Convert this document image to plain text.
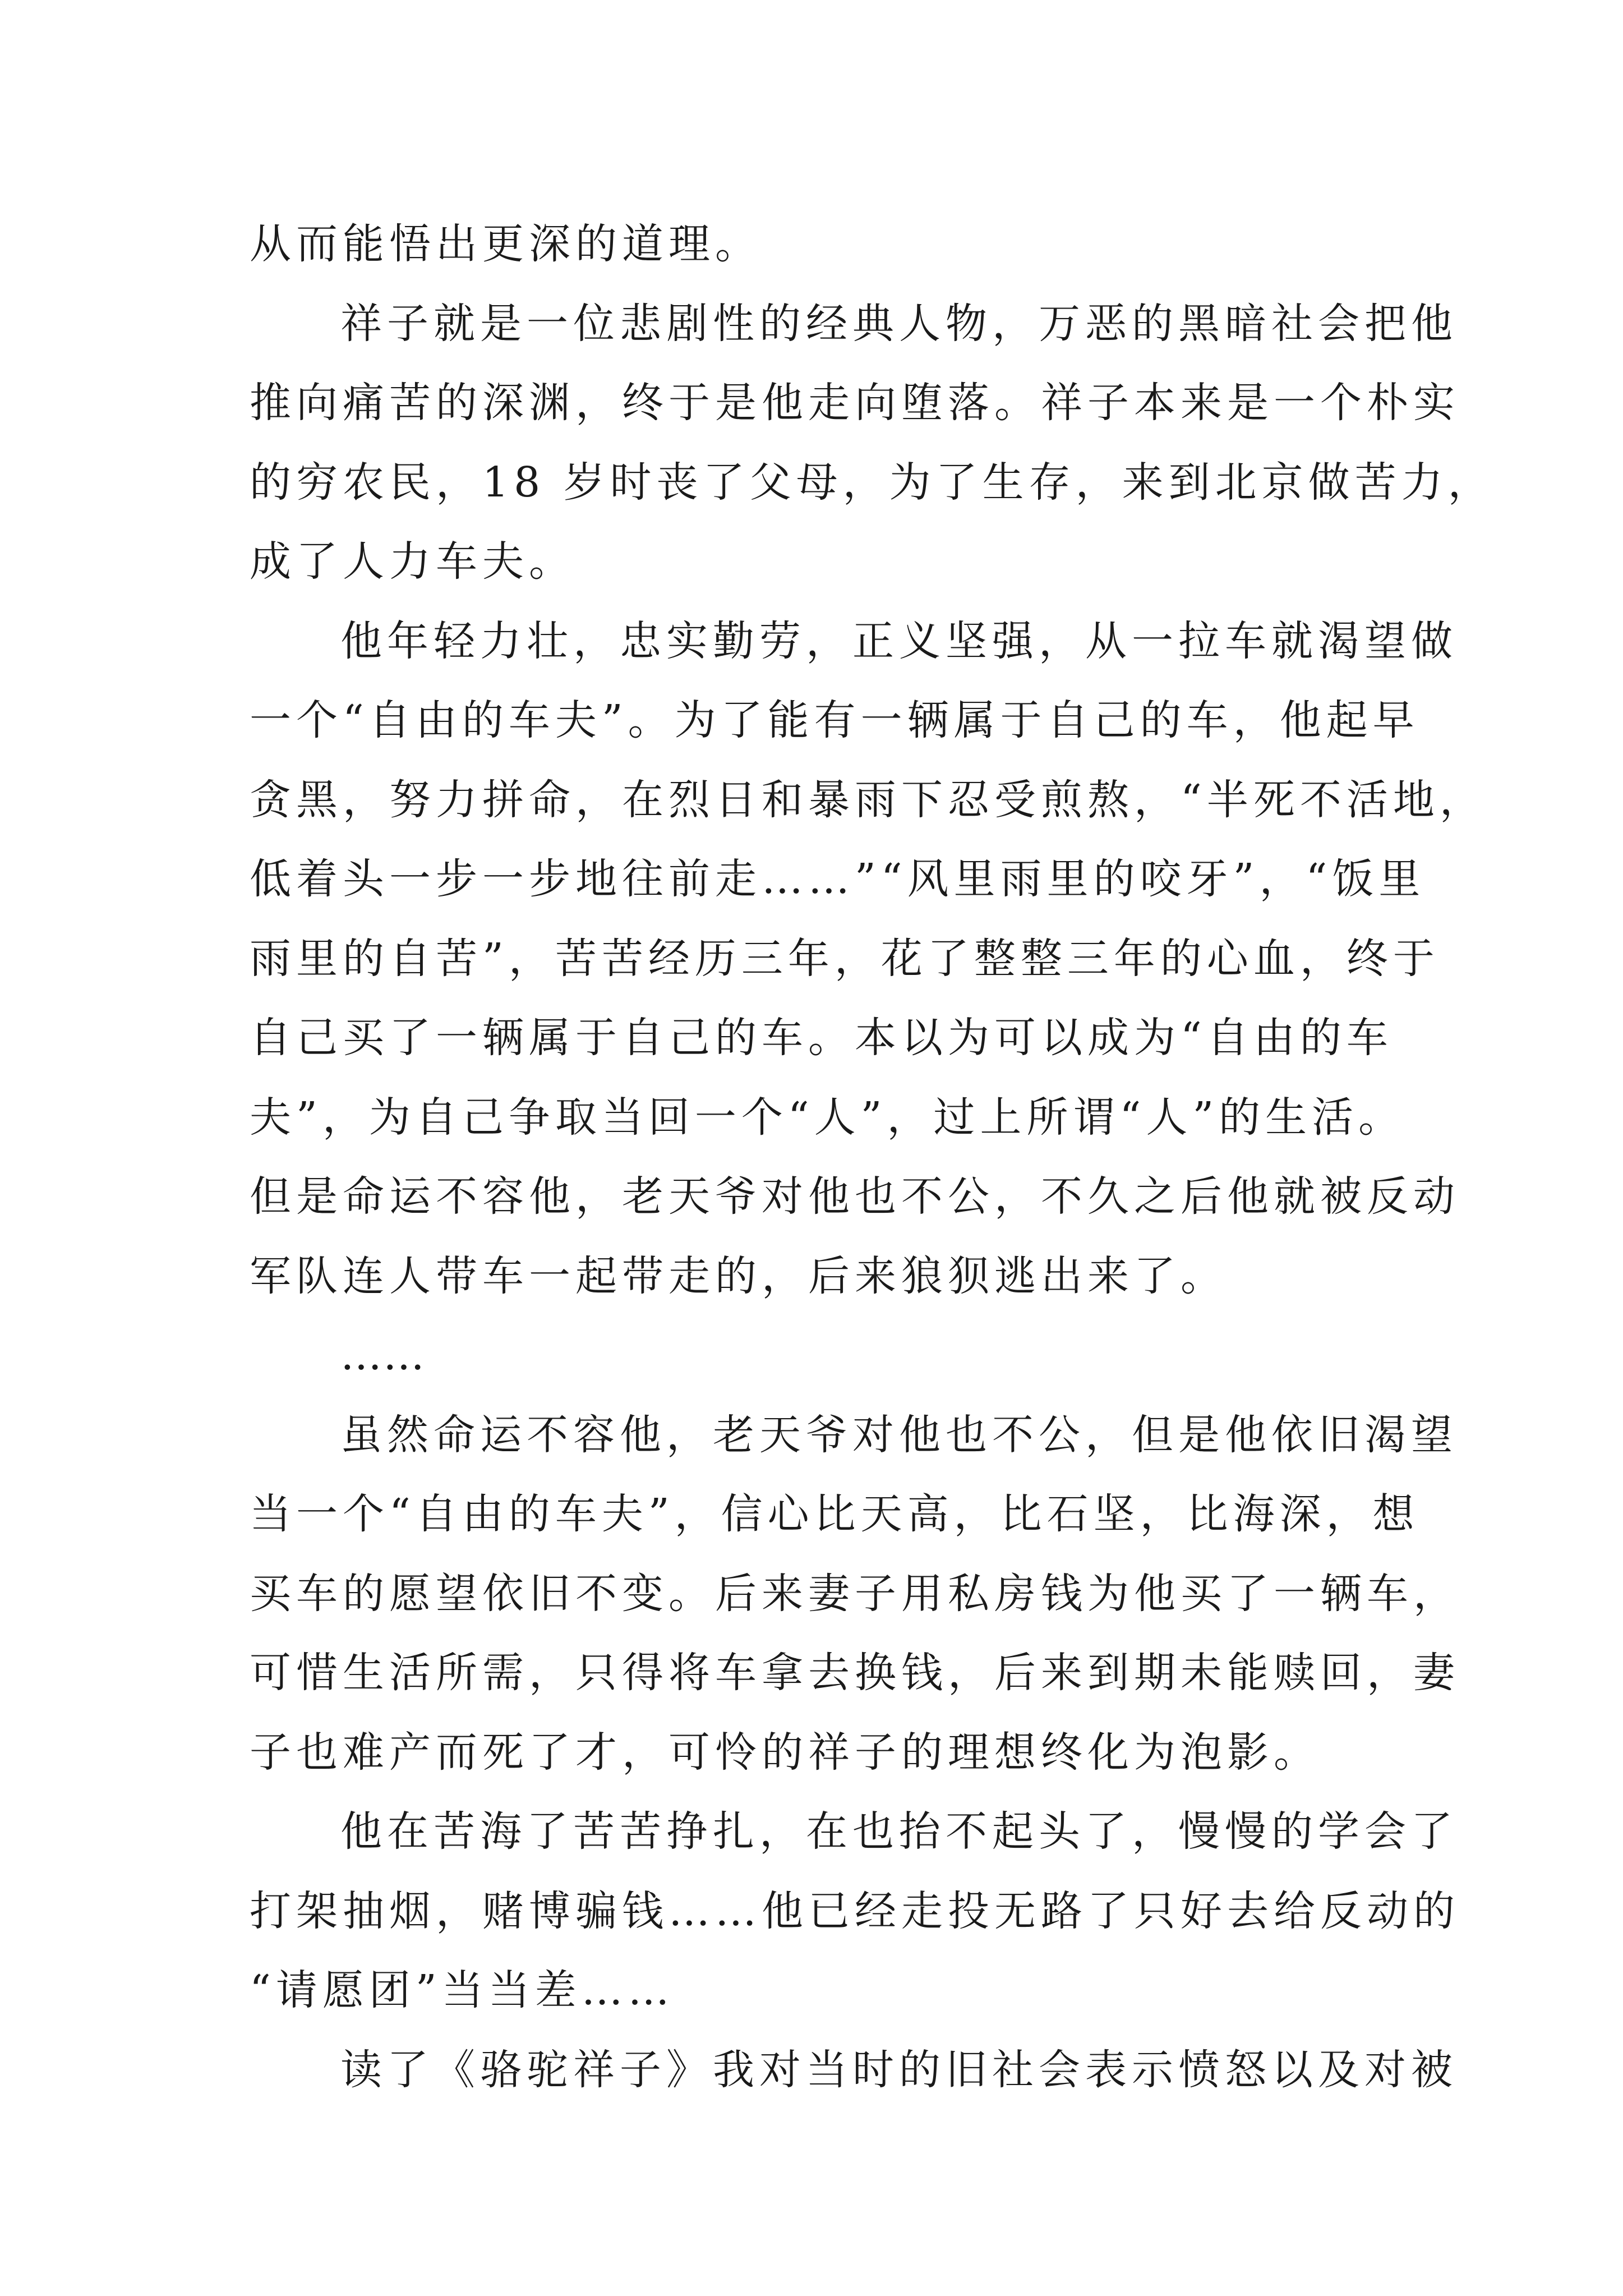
从而能悟出更深的道理。
祥子就是一位悲剧性的经典人物，万恶的黑暗社会把他
推向痛苦的深渊，终于是他走向堕落。祥子本来是一个朴实
的穷农民，18 岁时丧了父母，为了生存，来到北京做苦力，
成了人力车夫。
他年轻力壮，忠实勤劳，正义坚强，从一拉车就渴望做
一个“自由的车夫”。为了能有一辆属于自己的车，他起早
贪黑，努力拼命，在烈日和暴雨下忍受煎熬，“半死不活地，
低着头一步一步地往前走……”“风里雨里的咬牙”，“饭里
雨里的自苦”，苦苦经历三年，花了整整三年的心血，终于
自己买了一辆属于自己的车。本以为可以成为“自由的车
夫”，为自己争取当回一个“人”，过上所谓“人”的生活。
但是命运不容他，老天爷对他也不公，不久之后他就被反动
军队连人带车一起带走的，后来狼狈逃出来了。
……
虽然命运不容他，老天爷对他也不公，但是他依旧渴望
当一个“自由的车夫”，信心比天高，比石坚，比海深，想
买车的愿望依旧不变。后来妻子用私房钱为他买了一辆车，
可惜生活所需，只得将车拿去换钱，后来到期未能赎回，妻
子也难产而死了才，可怜的祥子的理想终化为泡影。
他在苦海了苦苦挣扎，在也抬不起头了，慢慢的学会了
打架抽烟，赌博骗钱……他已经走投无路了只好去给反动的
“请愿团”当当差……
读了《骆驼祥子》我对当时的旧社会表示愤怒以及对被
